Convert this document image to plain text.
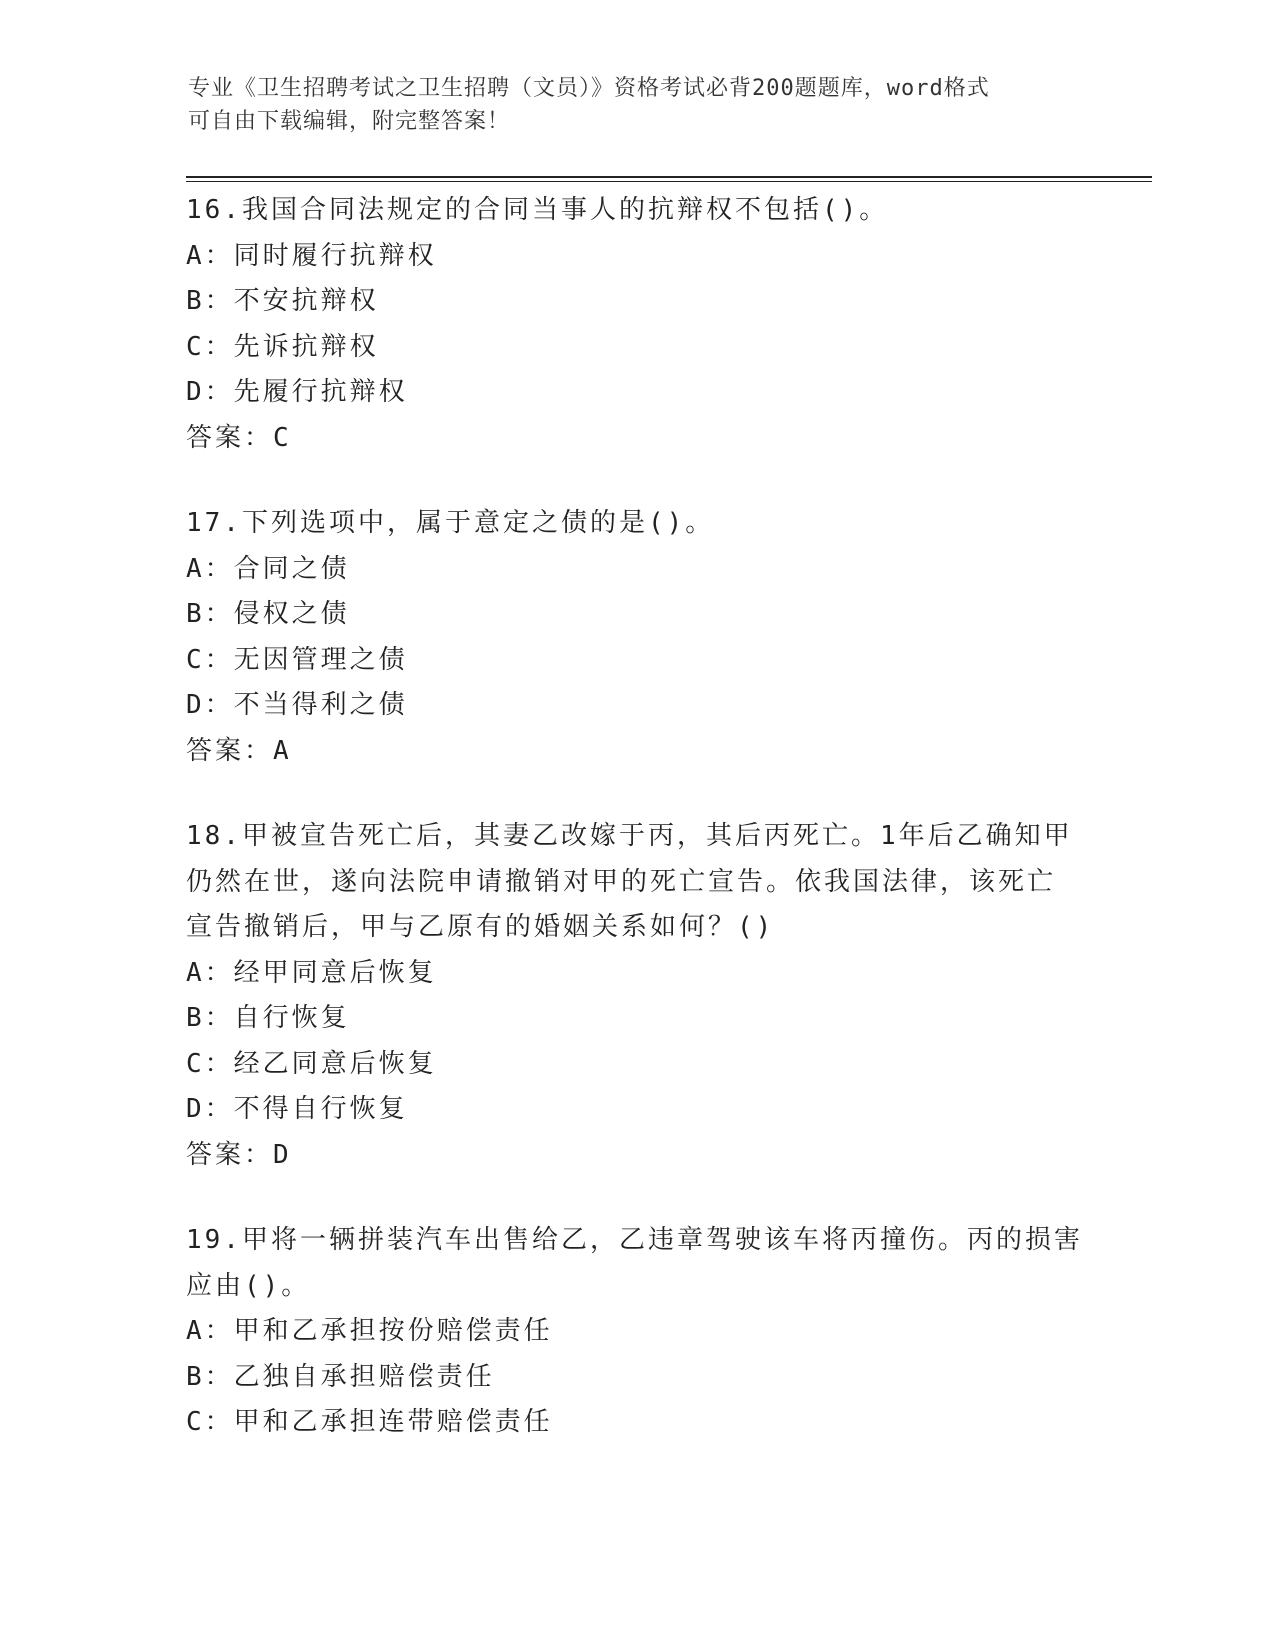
专业《卫生招聘考试之卫生招聘（文员）》资格考试必背200题题库，word格式
可自由下载编辑，附完整答案！
16.我国合同法规定的合同当事人的抗辩权不包括()。
A：同时履行抗辩权
B：不安抗辩权
C：先诉抗辩权
D：先履行抗辩权
答案：C
17.下列选项中，属于意定之债的是()。
A：合同之债
B：侵权之债
C：无因管理之债
D：不当得利之债
答案：A
18.甲被宣告死亡后，其妻乙改嫁于丙，其后丙死亡。1年后乙确知甲
仍然在世，遂向法院申请撤销对甲的死亡宣告。依我国法律，该死亡
宣告撤销后，甲与乙原有的婚姻关系如何？()
A：经甲同意后恢复
B：自行恢复
C：经乙同意后恢复
D：不得自行恢复
答案：D
19.甲将一辆拼装汽车出售给乙，乙违章驾驶该车将丙撞伤。丙的损害
应由()。
A：甲和乙承担按份赔偿责任
B：乙独自承担赔偿责任
C：甲和乙承担连带赔偿责任
